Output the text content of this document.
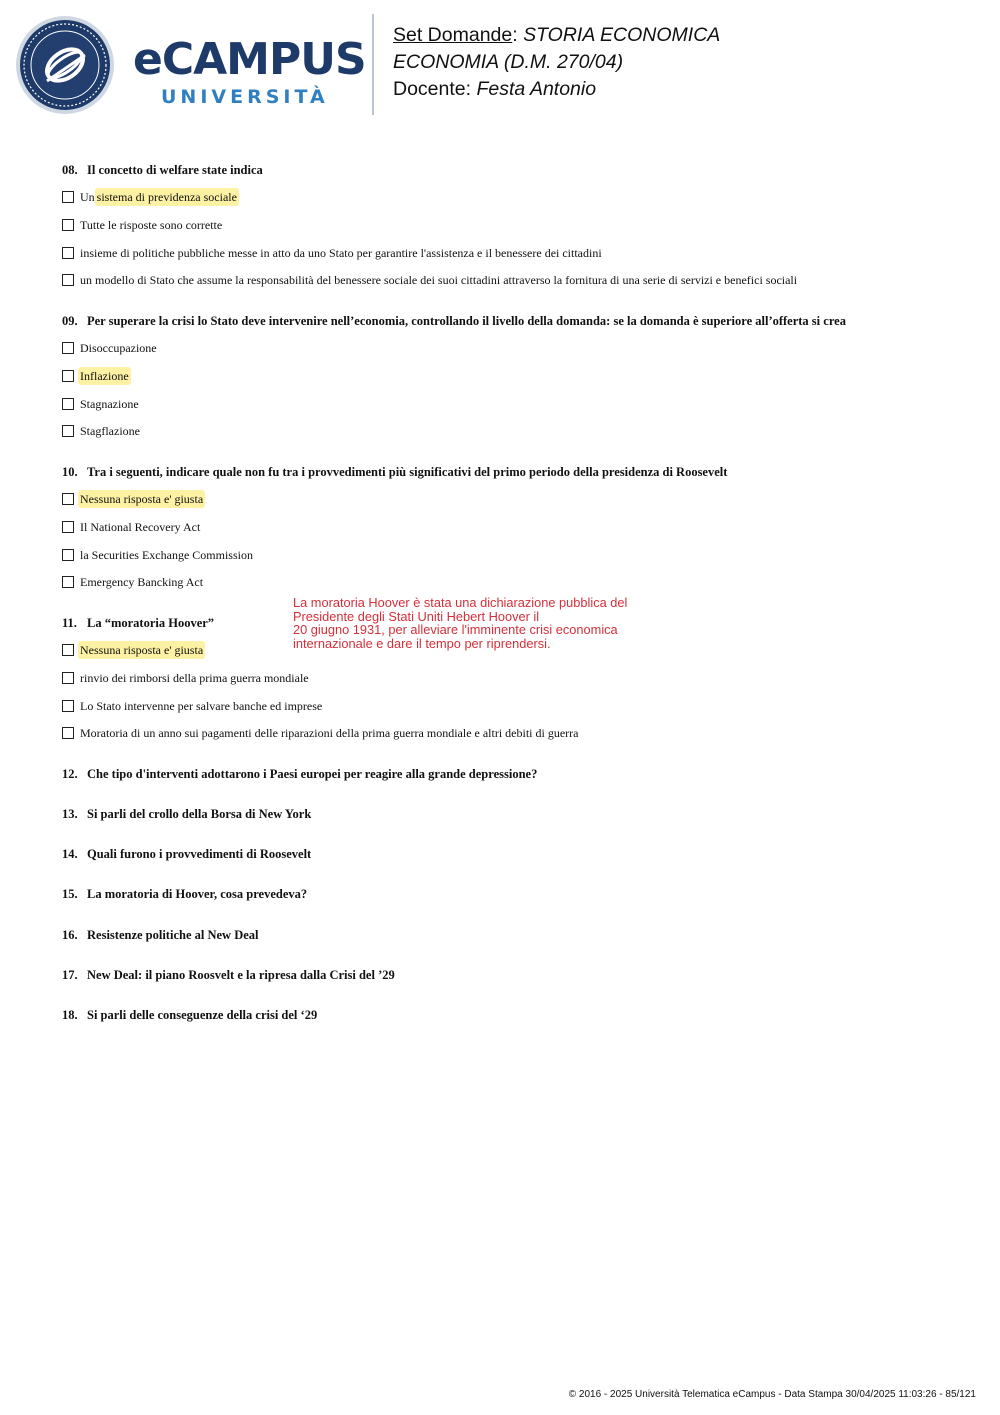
eCAMPUS
UNIVERSITÀ
Set Domande: STORIA ECONOMICA
ECONOMIA (D.M. 270/04)
Docente: Festa Antonio
08. Il concetto di welfare state indica
Un sistema di previdenza sociale
Tutte le risposte sono corrette
insieme di politiche pubbliche messe in atto da uno Stato per garantire l'assistenza e il benessere dei cittadini
un modello di Stato che assume la responsabilità del benessere sociale dei suoi cittadini attraverso la fornitura di una serie di servizi e benefici sociali
09. Per superare la crisi lo Stato deve intervenire nell’economia, controllando il livello della domanda: se la domanda è superiore all’offerta si crea
Disoccupazione
Inflazione
Stagnazione
Stagflazione
10. Tra i seguenti, indicare quale non fu tra i provvedimenti più significativi del primo periodo della presidenza di Roosevelt
Nessuna risposta e' giusta
Il National Recovery Act
la Securities Exchange Commission
Emergency Bancking Act
La moratoria Hoover è stata una dichiarazione pubblica del
Presidente degli Stati Uniti Hebert Hoover il
20 giugno 1931, per alleviare l'imminente crisi economica
internazionale e dare il tempo per riprendersi.
11. La “moratoria Hoover”
Nessuna risposta e' giusta
rinvio dei rimborsi della prima guerra mondiale
Lo Stato intervenne per salvare banche ed imprese
Moratoria di un anno sui pagamenti delle riparazioni della prima guerra mondiale e altri debiti di guerra
12. Che tipo d'interventi adottarono i Paesi europei per reagire alla grande depressione?
13. Si parli del crollo della Borsa di New York
14. Quali furono i provvedimenti di Roosevelt
15. La moratoria di Hoover, cosa prevedeva?
16. Resistenze politiche al New Deal
17. New Deal: il piano Roosvelt e la ripresa dalla Crisi del ’29
18. Si parli delle conseguenze della crisi del ‘29
© 2016 - 2025 Università Telematica eCampus - Data Stampa 30/04/2025 11:03:26 - 85/121
